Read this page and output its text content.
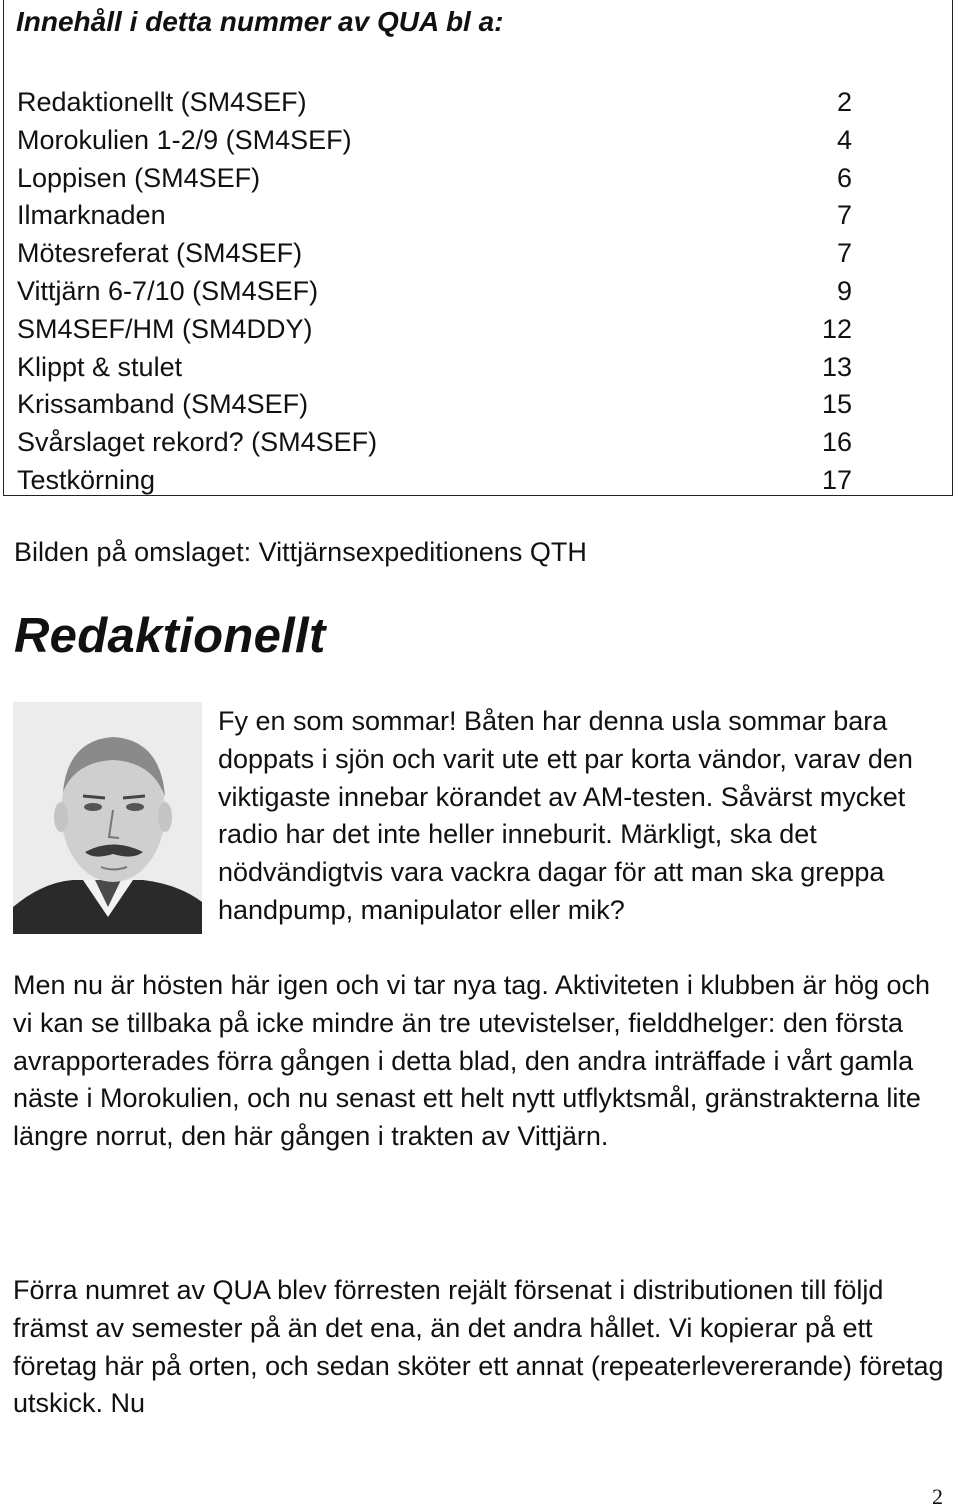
Innehåll i detta nummer av QUA bl a:
Redaktionellt (SM4SEF)	2
Morokulien 1-2/9 (SM4SEF)	4
Loppisen (SM4SEF)	6
Ilmarknaden	7
Mötesreferat (SM4SEF)	7
Vittjärn 6-7/10 (SM4SEF)	9
SM4SEF/HM (SM4DDY)	12
Klippt & stulet	13
Krissamband (SM4SEF)	15
Svårslaget rekord? (SM4SEF)	16
Testkörning	17
Bilden på omslaget: Vittjärnsexpeditionens QTH
Redaktionellt

Fy en som sommar! Båten har denna usla sommar bara doppats i sjön och varit ute ett par korta vändor, varav den viktigaste innebar körandet av AM-testen. Såvärst mycket radio har det inte heller inneburit. Märkligt, ska det nödvändigtvis vara vackra dagar för att man ska greppa handpump, manipulator eller mik?

Men nu är hösten här igen och vi tar nya tag. Aktiviteten i klubben är hög och vi kan se tillbaka på icke mindre än tre utevistelser, fielddhelger: den första avrapporterades förra gången i detta blad, den andra inträffade i vårt gamla näste i Morokulien, och nu senast ett helt nytt utflyktsmål, gränstrakterna lite längre norrut, den här gången i trakten av Vittjärn.

Förra numret av QUA blev förresten rejält försenat i distributionen till följd främst av semester på än det ena, än det andra hållet. Vi kopierar på ett företag här på orten, och sedan sköter ett annat (repeaterlevererande) företag utskick. Nu

2
